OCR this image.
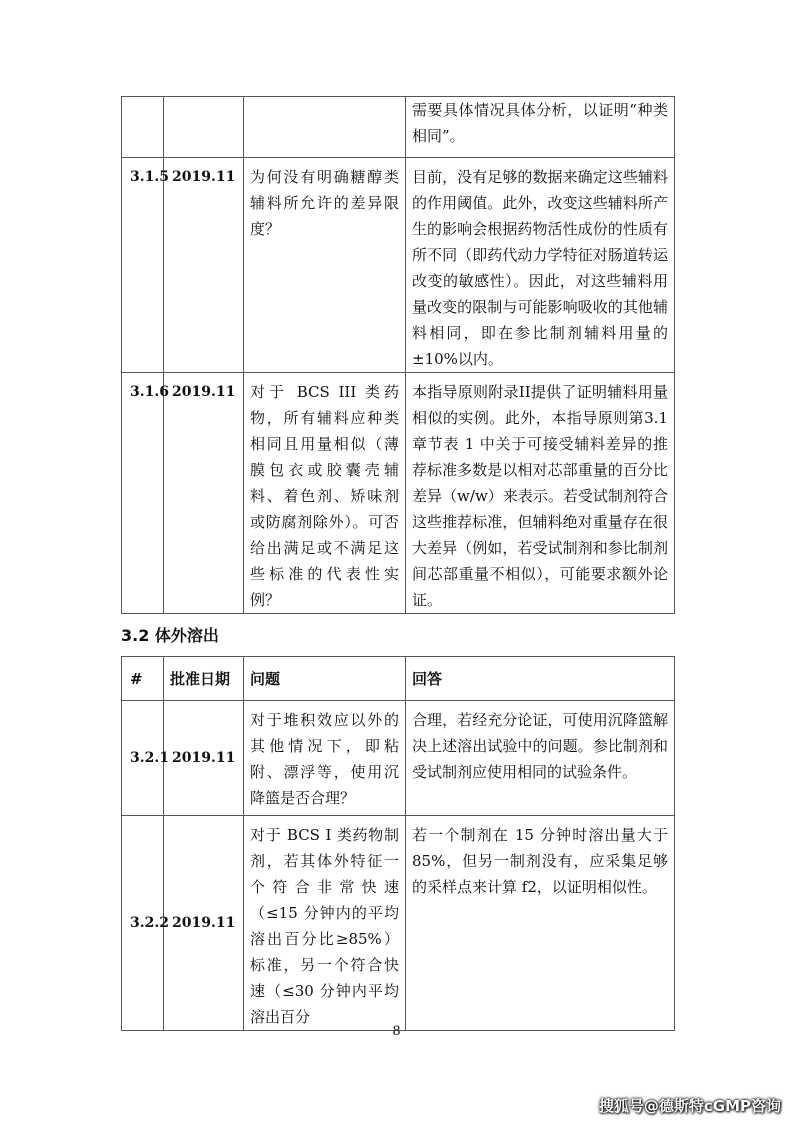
			需要具体情况具体分析，以证明“种类相同”。
3.1.5	2019.11	为何没有明确糖醇类辅料所允许的差异限度？	目前，没有足够的数据来确定这些辅料的作用阈值。此外，改变这些辅料所产生的影响会根据药物活性成份的性质有所不同（即药代动力学特征对肠道转运改变的敏感性）。因此，对这些辅料用量改变的限制与可能影响吸收的其他辅料相同，即在参比制剂辅料用量的±10%以内。
3.1.6	2019.11	对于 BCS III 类药物，所有辅料应种类相同且用量相似（薄膜包衣或胶囊壳辅料、着色剂、矫味剂或防腐剂除外）。可否给出满足或不满足这些标准的代表性实例？	本指导原则附录II提供了证明辅料用量相似的实例。此外，本指导原则第3.1 章节表 1 中关于可接受辅料差异的推荐标准多数是以相对芯部重量的百分比差异（w/w）来表示。若受试制剂符合这些推荐标准，但辅料绝对重量存在很大差异（例如，若受试制剂和参比制剂间芯部重量不相似），可能要求额外论证。
3.2 体外溶出
#	批准日期	问题	回答
3.2.1	2019.11	对于堆积效应以外的其他情况下，即粘附、漂浮等，使用沉降篮是否合理？	合理，若经充分论证，可使用沉降篮解决上述溶出试验中的问题。参比制剂和受试制剂应使用相同的试验条件。
3.2.2	2019.11	对于 BCS I 类药物制剂，若其体外特征一个符合非常快速（≤15 分钟内的平均溶出百分比≥85%）标准，另一个符合快速（≤30 分钟内平均溶出百分	若一个制剂在 15 分钟时溶出量大于85%，但另一制剂没有，应采集足够的采样点来计算 f2，以证明相似性。
8
搜狐号@德斯特cGMP咨询
